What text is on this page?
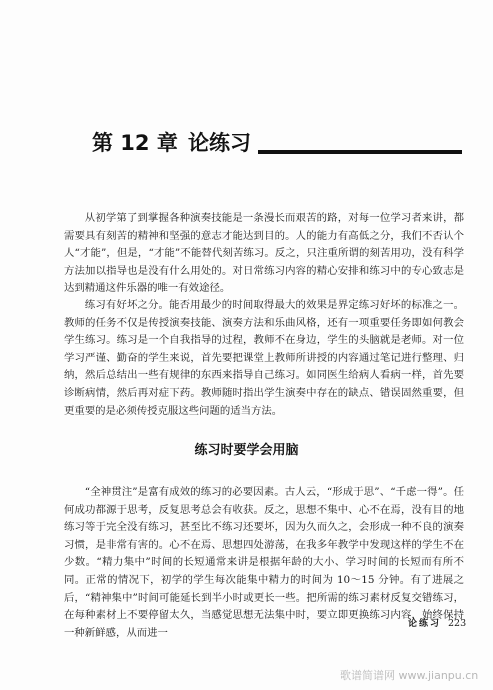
第 12 章 论练习

从初学第了到掌握各种演奏技能是一条漫长而艰苦的路，对每一位学习者来讲，都需要具有刻苦的精神和坚强的意志才能达到目的。人的能力有高低之分，我们不否认个人“才能”，但是，“才能”不能替代刻苦练习。反之，只注重所谓的刻苦用功，没有科学方法加以指导也是没有什么用处的。对日常练习内容的精心安排和练习中的专心致志是达到精通这件乐器的唯一有效途径。

练习有好坏之分。能否用最少的时间取得最大的效果是界定练习好坏的标准之一。教师的任务不仅是传授演奏技能、演奏方法和乐曲风格，还有一项重要任务即如何教会学生练习。练习是一个自我指导的过程，教师不在身边，学生的头脑就是老师。对一位学习严谨、勤奋的学生来说，首先要把课堂上教师所讲授的内容通过笔记进行整理、归纳，然后总结出一些有规律的东西来指导自己练习。如同医生给病人看病一样，首先要诊断病情，然后再对症下药。教师随时指出学生演奏中存在的缺点、错误固然重要，但更重要的是必须传授克服这些问题的适当方法。

练习时要学会用脑

“全神贯注”是富有成效的练习的必要因素。古人云，“形成于思”、“千虑一得”。任何成功都源于思考，反复思考总会有收获。反之，思想不集中、心不在焉，没有目的地练习等于完全没有练习，甚至比不练习还要坏，因为久而久之，会形成一种不良的演奏习惯，是非常有害的。心不在焉、思想四处游荡，在我多年教学中发现这样的学生不在少数。“精力集中”时间的长短通常来讲是根据年龄的大小、学习时间的长短而有所不同。正常的情况下，初学的学生每次能集中精力的时间为 10～15 分钟。有了进展之后，“精神集中”时间可能延长到半小时或更长一些。把所需的练习素材反复交错练习，在每种素材上不要停留太久，当感觉思想无法集中时，要立即更换练习内容，始终保持一种新鲜感，从而进一

论练习 223
歌谱简谱网 www.jianpu.cn
